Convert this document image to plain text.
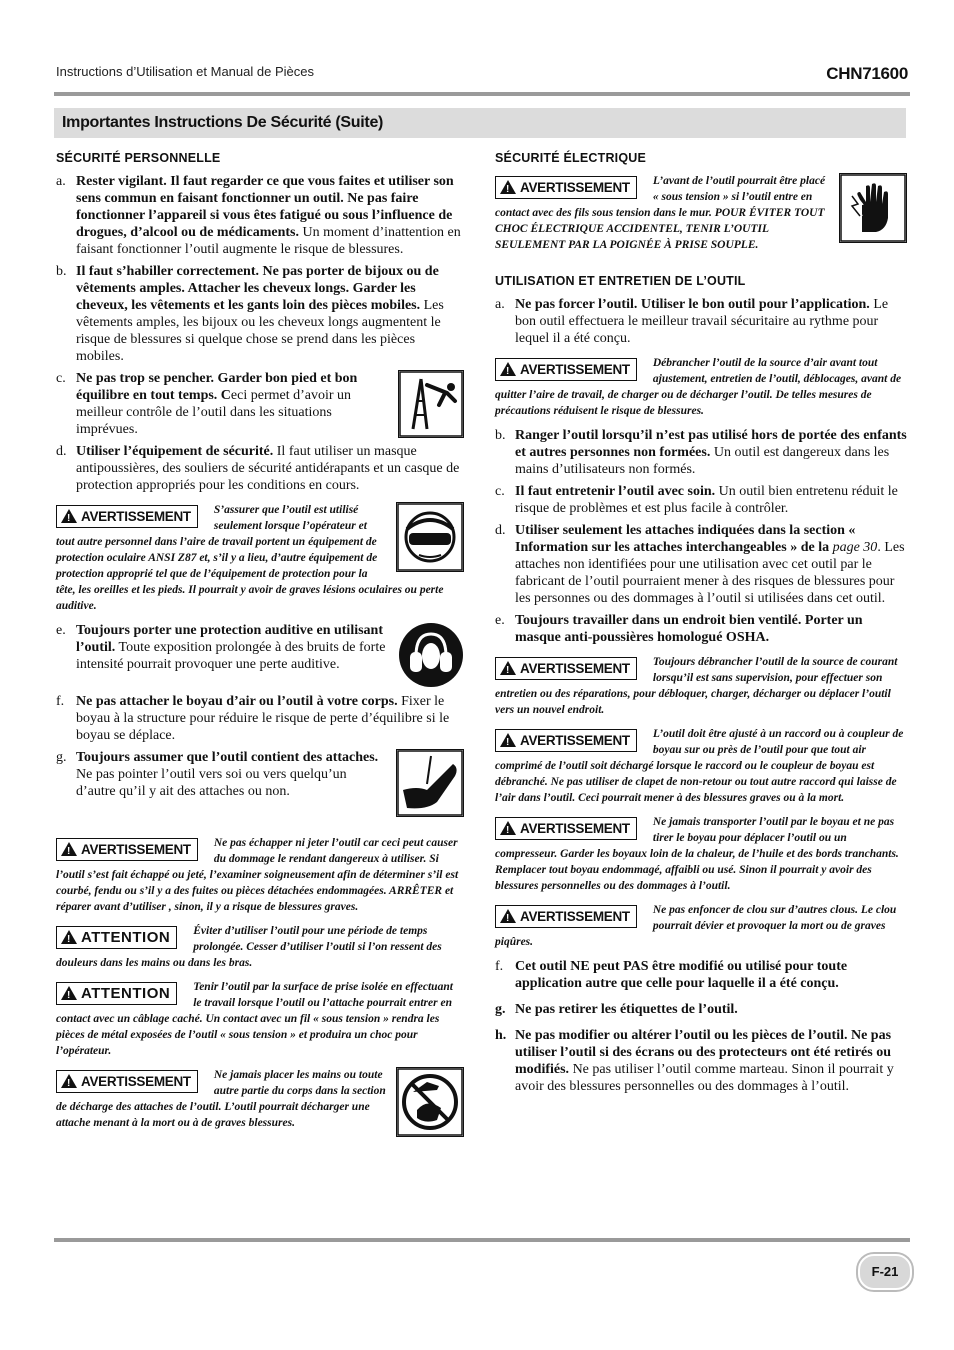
Instructions d’Utilisation et Manual de Pièces	CHN71600
Importantes Instructions De Sécurité (Suite)
SÉCURITÉ PERSONNELLE
a. Rester vigilant. Il faut regarder ce que vous faites et utiliser son sens commun en faisant fonctionner un outil. Ne pas faire fonctionner l’appareil si vous êtes fatigué ou sous l’influence de drogues, d’alcool ou de médicaments. Un moment d’inattention en faisant fonctionner l’outil augmente le risque de blessures.
b. Il faut s’habiller correctement. Ne pas porter de bijoux ou de vêtements amples. Attacher les cheveux longs. Garder les cheveux, les vêtements et les gants loin des pièces mobiles. Les vêtements amples, les bijoux ou les cheveux longs augmentent le risque de blessures si quelque chose se prend dans les pièces mobiles.
c. Ne pas trop se pencher. Garder bon pied et bon équilibre en tout temps. Ceci permet d’avoir un meilleur contrôle de l’outil dans les situations imprévues.
d. Utiliser l’équipement de sécurité. Il faut utiliser un masque antipoussières, des souliers de sécurité antidérapants et un casque de protection appropriés pour les conditions en cours.
!AVERTISSEMENT	S’assurer que l’outil est utilisé seulement lorsque l’opérateur et tout autre personnel dans l’aire de travail portent un équipement de protection oculaire ANSI Z87 et, s’il y a lieu, d’autre équipement de protection approprié tel que de l’équipement de protection pour la tête, les oreilles et les pieds. Il pourrait y avoir de graves lésions oculaires ou perte auditive.
e. Toujours porter une protection auditive en utilisant l’outil. Toute exposition prolongée à des bruits de forte intensité pourrait provoquer une perte auditive.
f. Ne pas attacher le boyau d’air ou l’outil à votre corps. Fixer le boyau à la structure pour réduire le risque de perte d’équilibre si le boyau se déplace.
g. Toujours assumer que l’outil contient des attaches. Ne pas pointer l’outil vers soi ou vers quelqu’un d’autre qu’il y ait des attaches ou non.
!AVERTISSEMENT	Ne pas échapper ni jeter l’outil car ceci peut causer du dommage le rendant dangereux à utiliser. Si l’outil s’est fait échappé ou jeté, l’examiner soigneusement afin de déterminer s’il est courbé, fendu ou s’il y a des fuites ou pièces détachées endommagées. ARRÊTER et réparer avant d’utiliser , sinon, il y a risque de blessures graves.
!ATTENTION	Éviter d’utiliser l’outil pour une période de temps prolongée. Cesser d’utiliser l’outil si l’on ressent des douleurs dans les mains ou dans les bras.
!ATTENTION	Tenir l’outil par la surface de prise isolée en effectuant le travail lorsque l’outil ou l’attache pourrait entrer en contact avec un câblage caché. Un contact avec un fil « sous tension » rendra les pièces de métal exposées de l’outil « sous tension » et produira un choc pour l’opérateur.
!AVERTISSEMENT	Ne jamais placer les mains ou toute autre partie du corps dans la section de décharge des attaches de l’outil. L’outil pourrait décharger une attache menant à la mort ou à de graves blessures.
SÉCURITÉ ÉLECTRIQUE
!AVERTISSEMENT	L’avant de l’outil pourrait être placé « sous tension » si l’outil entre en contact avec des fils sous tension dans le mur. POUR ÉVITER TOUT CHOC ÉLECTRIQUE ACCIDENTEL, TENIR L’OUTIL SEULEMENT PAR LA POIGNÉE À PRISE SOUPLE.
UTILISATION ET ENTRETIEN DE L’OUTIL
a. Ne pas forcer l’outil. Utiliser le bon outil pour l’application. Le bon outil effectuera le meilleur travail sécuritaire au rythme pour lequel il a été conçu.
!AVERTISSEMENT	Débrancher l’outil de la source d’air avant tout ajustement, entretien de l’outil, déblocages, avant de quitter l’aire de travail, de charger ou de décharger l’outil. De telles mesures de précautions réduisent le risque de blessures.
b. Ranger l’outil lorsqu’il n’est pas utilisé hors de portée des enfants et autres personnes non formées. Un outil est dangereux dans les mains d’utilisateurs non formés.
c. Il faut entretenir l’outil avec soin. Un outil bien entretenu réduit le risque de problèmes et est plus facile à contrôler.
d. Utiliser seulement les attaches indiquées dans la section « Information sur les attaches interchangeables » de la page 30. Les attaches non identifiées pour une utilisation avec cet outil par le fabricant de l’outil pourraient mener à des risques de blessures pour les personnes ou des dommages à l’outil si utilisées dans cet outil.
e. Toujours travailler dans un endroit bien ventilé. Porter un masque anti-poussières homologué OSHA.
!AVERTISSEMENT	Toujours débrancher l’outil de la source de courant lorsqu’il est sans supervision, pour effectuer son entretien ou des réparations, pour débloquer, charger, décharger ou déplacer l’outil vers un nouvel endroit.
!AVERTISSEMENT	L’outil doit être ajusté à un raccord ou à coupleur de boyau sur ou près de l’outil pour que tout air comprimé de l’outil soit déchargé lorsque le raccord ou le coupleur de boyau est débranché. Ne pas utiliser de clapet de non-retour ou tout autre raccord qui laisse de l’air dans l’outil. Ceci pourrait mener à des blessures graves ou à la mort.
!AVERTISSEMENT	Ne jamais transporter l’outil par le boyau et ne pas tirer le boyau pour déplacer l’outil ou un compresseur. Garder les boyaux loin de la chaleur, de l’huile et des bords tranchants. Remplacer tout boyau endommagé, affaibli ou usé. Sinon il pourrait y avoir des blessures personnelles ou des dommages à l’outil.
!AVERTISSEMENT	Ne pas enfoncer de clou sur d’autres clous. Le clou pourrait dévier et provoquer la mort ou de graves piqûres.
f. Cet outil NE peut PAS être modifié ou utilisé pour toute application autre que celle pour laquelle il a été conçu.
g. Ne pas retirer les étiquettes de l’outil.
h. Ne pas modifier ou altérer l’outil ou les pièces de l’outil. Ne pas utiliser l’outil si des écrans ou des protecteurs ont été retirés ou modifiés. Ne pas utiliser l’outil comme marteau. Sinon il pourrait y avoir des blessures personnelles ou des dommages à l’outil.
F-21
